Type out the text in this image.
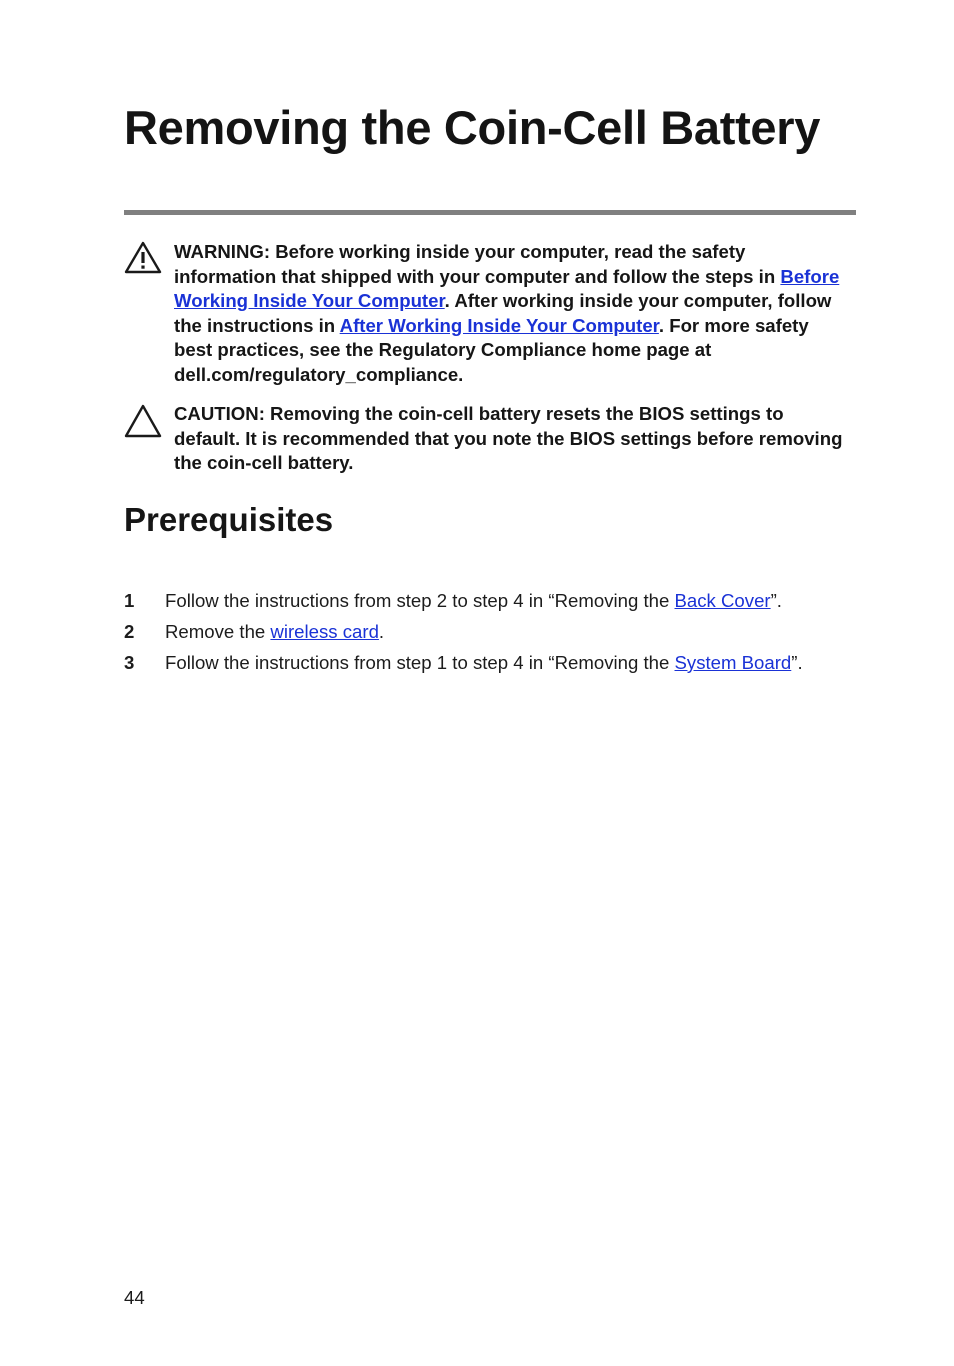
Removing the Coin-Cell Battery
WARNING: Before working inside your computer, read the safety information that shipped with your computer and follow the steps in Before Working Inside Your Computer. After working inside your computer, follow the instructions in After Working Inside Your Computer. For more safety best practices, see the Regulatory Compliance home page at dell.com/regulatory_compliance.
CAUTION: Removing the coin-cell battery resets the BIOS settings to default. It is recommended that you note the BIOS settings before removing the coin-cell battery.
Prerequisites
1 Follow the instructions from step 2 to step 4 in “Removing the Back Cover”.
2 Remove the wireless card.
3 Follow the instructions from step 1 to step 4 in “Removing the System Board”.
44
